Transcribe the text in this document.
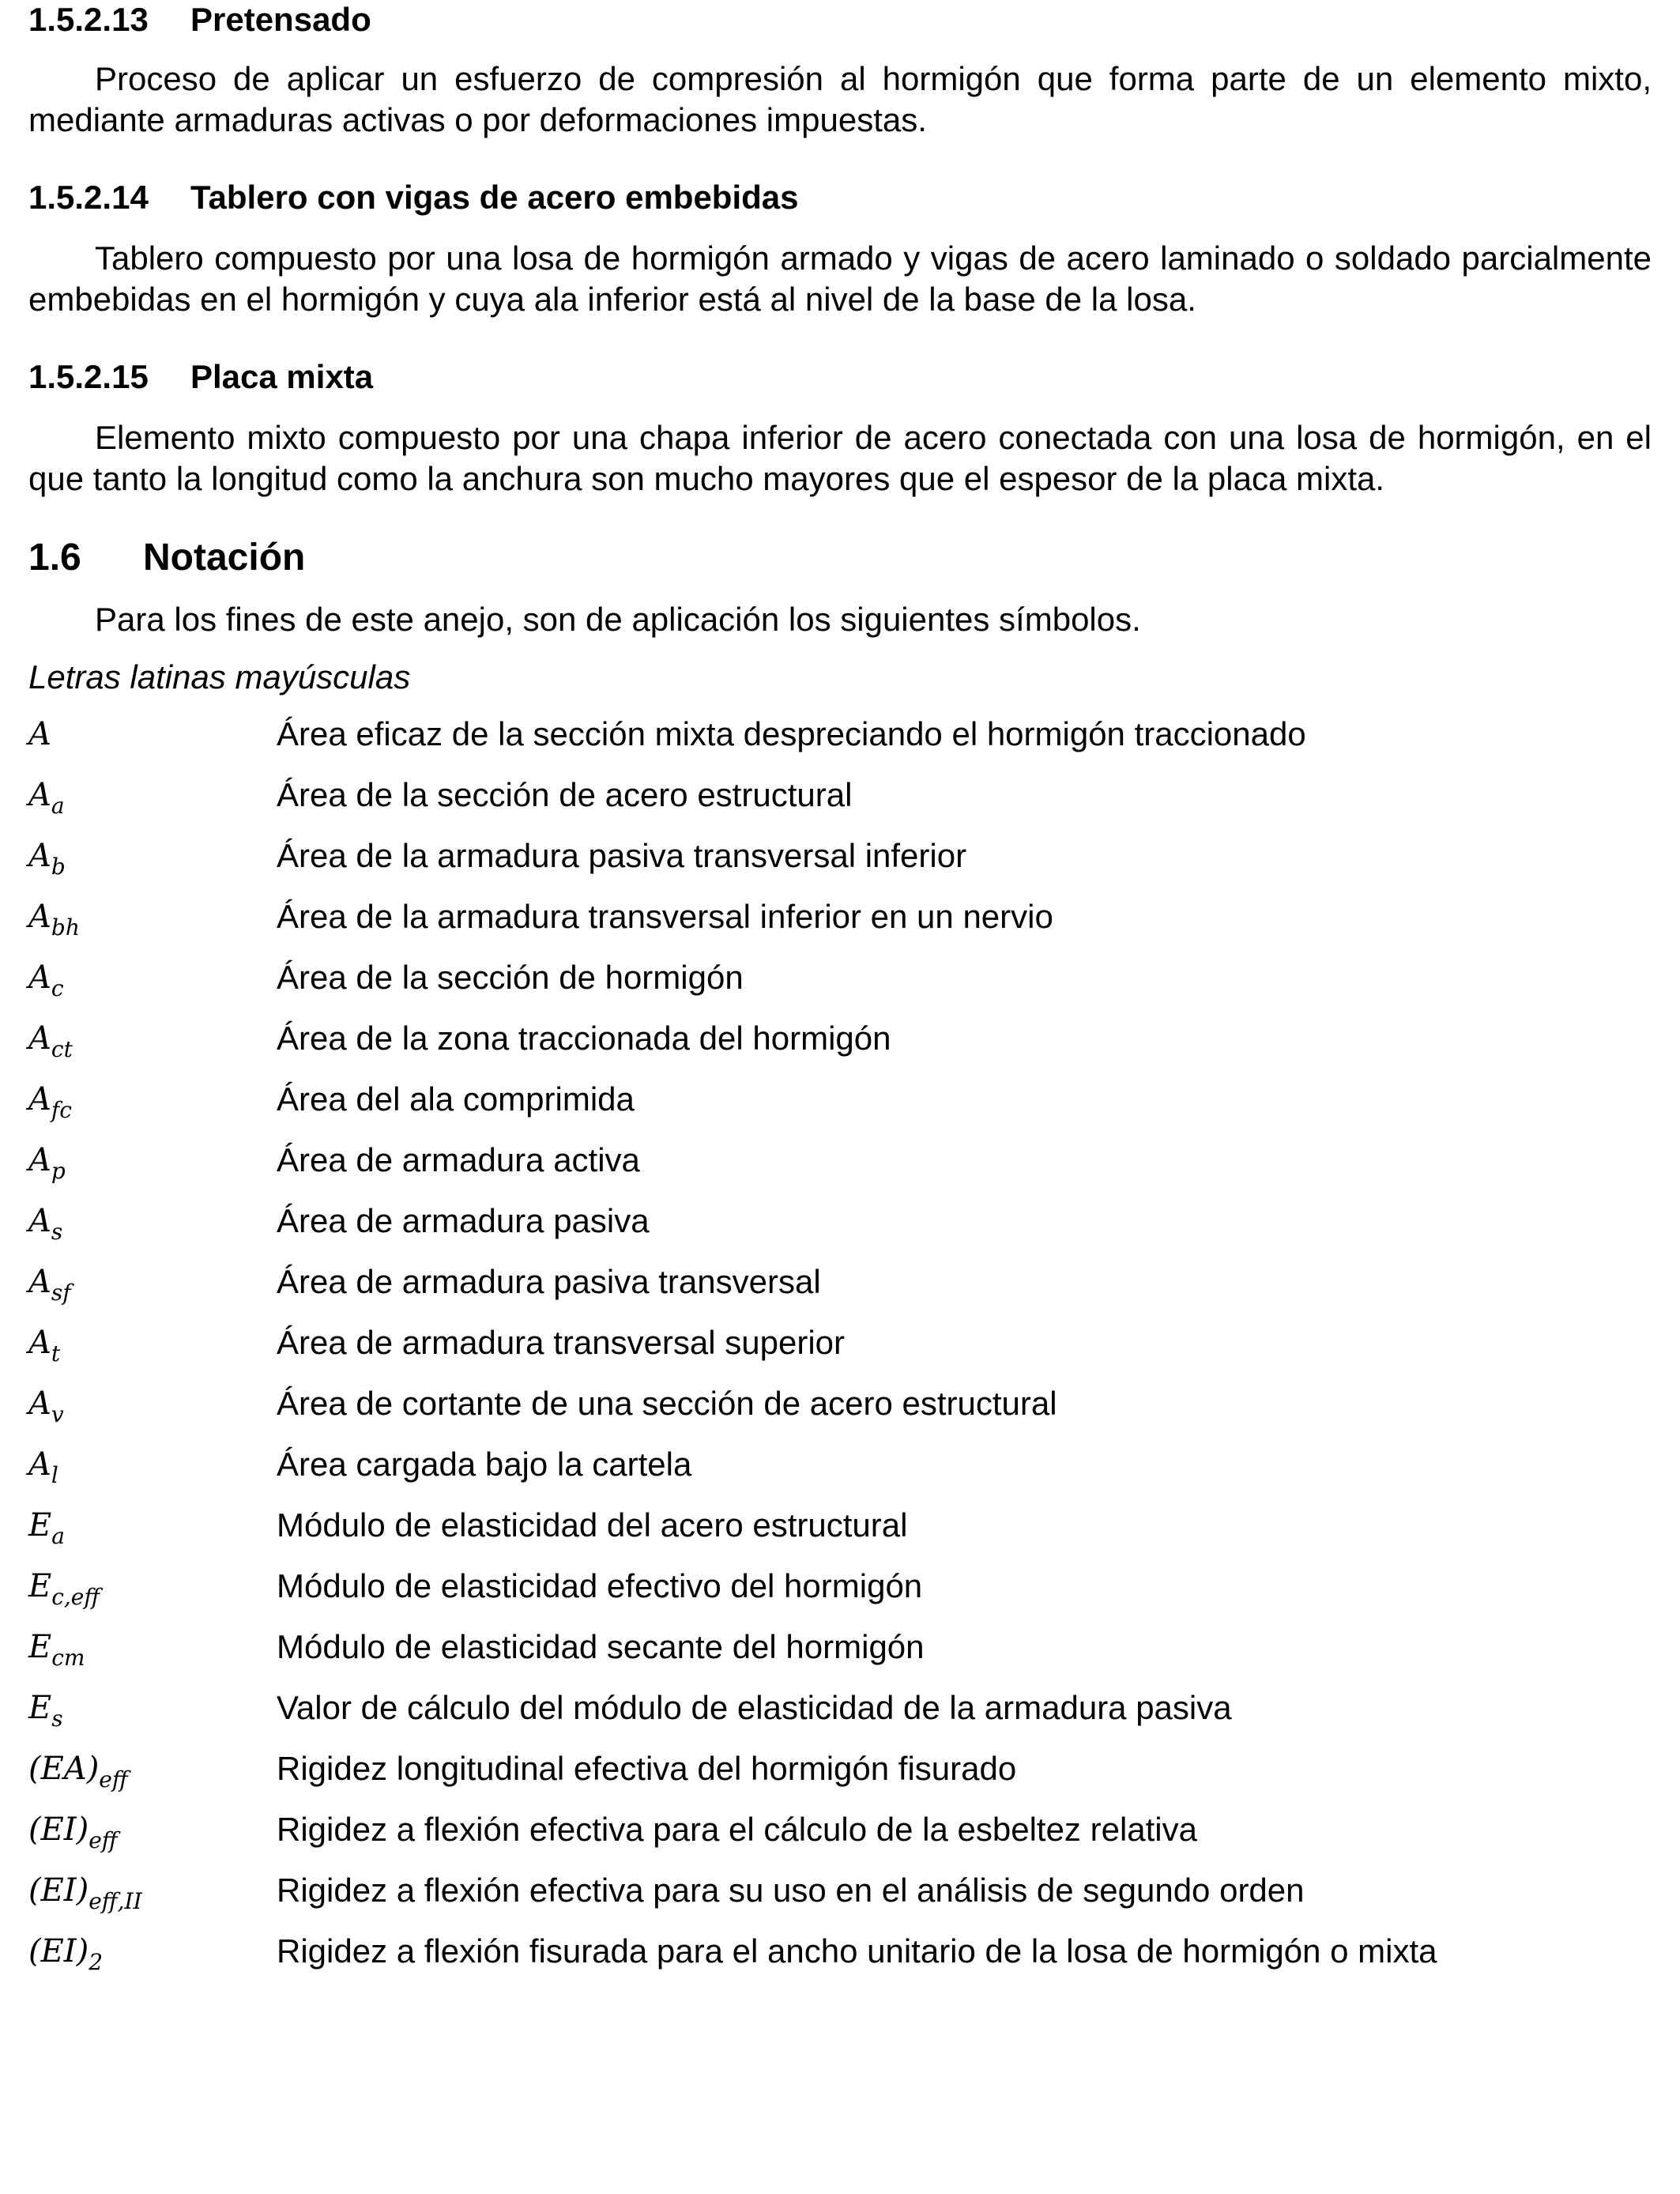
1.5.2.13 Pretensado
Proceso de aplicar un esfuerzo de compresión al hormigón que forma parte de un elemento mixto, mediante armaduras activas o por deformaciones impuestas.
1.5.2.14 Tablero con vigas de acero embebidas
Tablero compuesto por una losa de hormigón armado y vigas de acero laminado o soldado parcialmente embebidas en el hormigón y cuya ala inferior está al nivel de la base de la losa.
1.5.2.15 Placa mixta
Elemento mixto compuesto por una chapa inferior de acero conectada con una losa de hormigón, en el que tanto la longitud como la anchura son mucho mayores que el espesor de la placa mixta.
1.6 Notación
Para los fines de este anejo, son de aplicación los siguientes símbolos.
Letras latinas mayúsculas
A	Área eficaz de la sección mixta despreciando el hormigón traccionado
$A_a$	Área de la sección de acero estructural
$A_b$	Área de la armadura pasiva transversal inferior
$A_{bh}$	Área de la armadura transversal inferior en un nervio
$A_c$	Área de la sección de hormigón
$A_{ct}$	Área de la zona traccionada del hormigón
$A_{fc}$	Área del ala comprimida
$A_p$	Área de armadura activa
$A_s$	Área de armadura pasiva
$A_{sf}$	Área de armadura pasiva transversal
$A_t$	Área de armadura transversal superior
$A_v$	Área de cortante de una sección de acero estructural
$A_l$	Área cargada bajo la cartela
$E_a$	Módulo de elasticidad del acero estructural
$E_{c,eff}$	Módulo de elasticidad efectivo del hormigón
$E_{cm}$	Módulo de elasticidad secante del hormigón
$E_s$	Valor de cálculo del módulo de elasticidad de la armadura pasiva
$(EA)_{eff}$	Rigidez longitudinal efectiva del hormigón fisurado
$(EI)_{eff}$	Rigidez a flexión efectiva para el cálculo de la esbeltez relativa
$(EI)_{eff,II}$	Rigidez a flexión efectiva para su uso en el análisis de segundo orden
$(EI)_2$	Rigidez a flexión fisurada para el ancho unitario de la losa de hormigón o mixta
